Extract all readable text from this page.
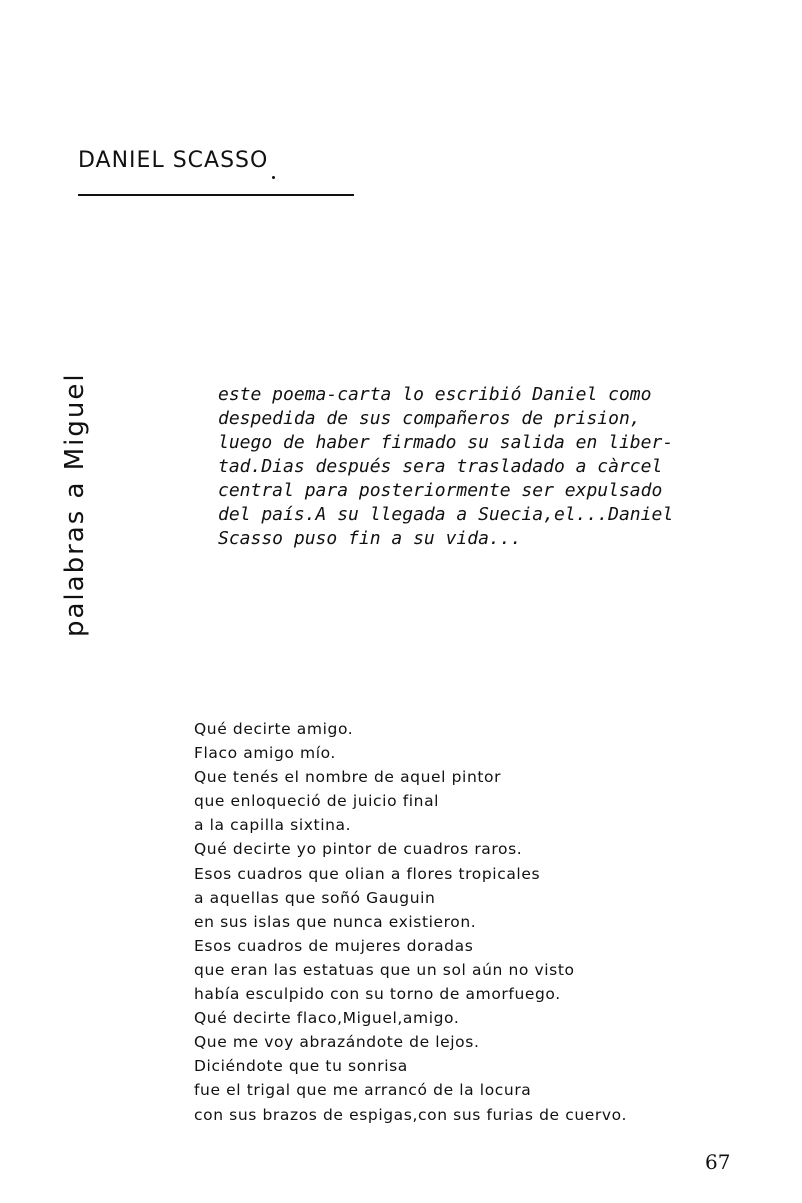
DANIEL SCASSO
palabras a Miguel	este poema-carta lo escribió Daniel como
despedida de sus compañeros de prision,
luego de haber firmado su salida en liber-
tad.Dias después sera trasladado a càrcel
central para posteriormente ser expulsado
del país.A su llegada a Suecia,el...Daniel
Scasso puso fin a su vida...
Qué decirte amigo.
Flaco amigo mío.
Que tenés el nombre de aquel pintor
que enloqueció de juicio final
a la capilla sixtina.
Qué decirte yo pintor de cuadros raros.
Esos cuadros que olian a flores tropicales
a aquellas que soñó Gauguin
en sus islas que nunca existieron.
Esos cuadros de mujeres doradas
que eran las estatuas que un sol aún no visto
había esculpido con su torno de amorfuego.
Qué decirte flaco,Miguel,amigo.
Que me voy abrazándote de lejos.
Diciéndote que tu sonrisa
fue el trigal que me arrancó de la locura
con sus brazos de espigas,con sus furias de cuervo.
67
